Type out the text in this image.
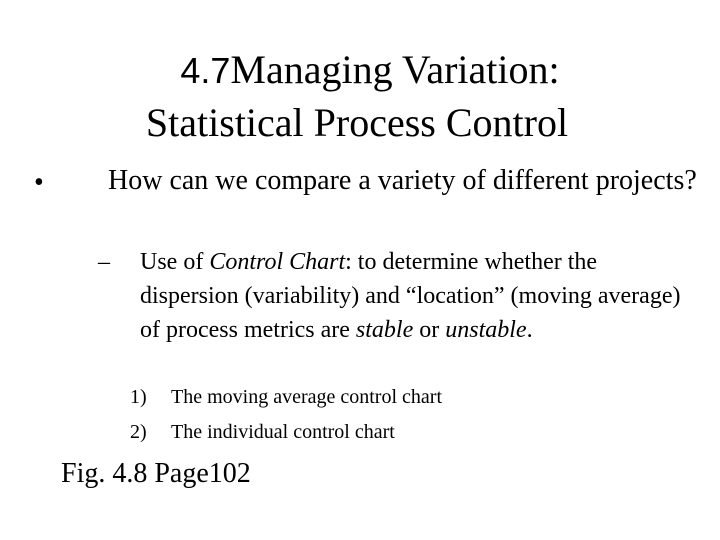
4.7Managing Variation:
Statistical Process Control
• How can we compare a variety of different projects?
– Use of Control Chart: to determine whether the dispersion (variability) and “location” (moving average) of process metrics are stable or unstable.
1) The moving average control chart
2) The individual control chart
Fig. 4.8 Page102
